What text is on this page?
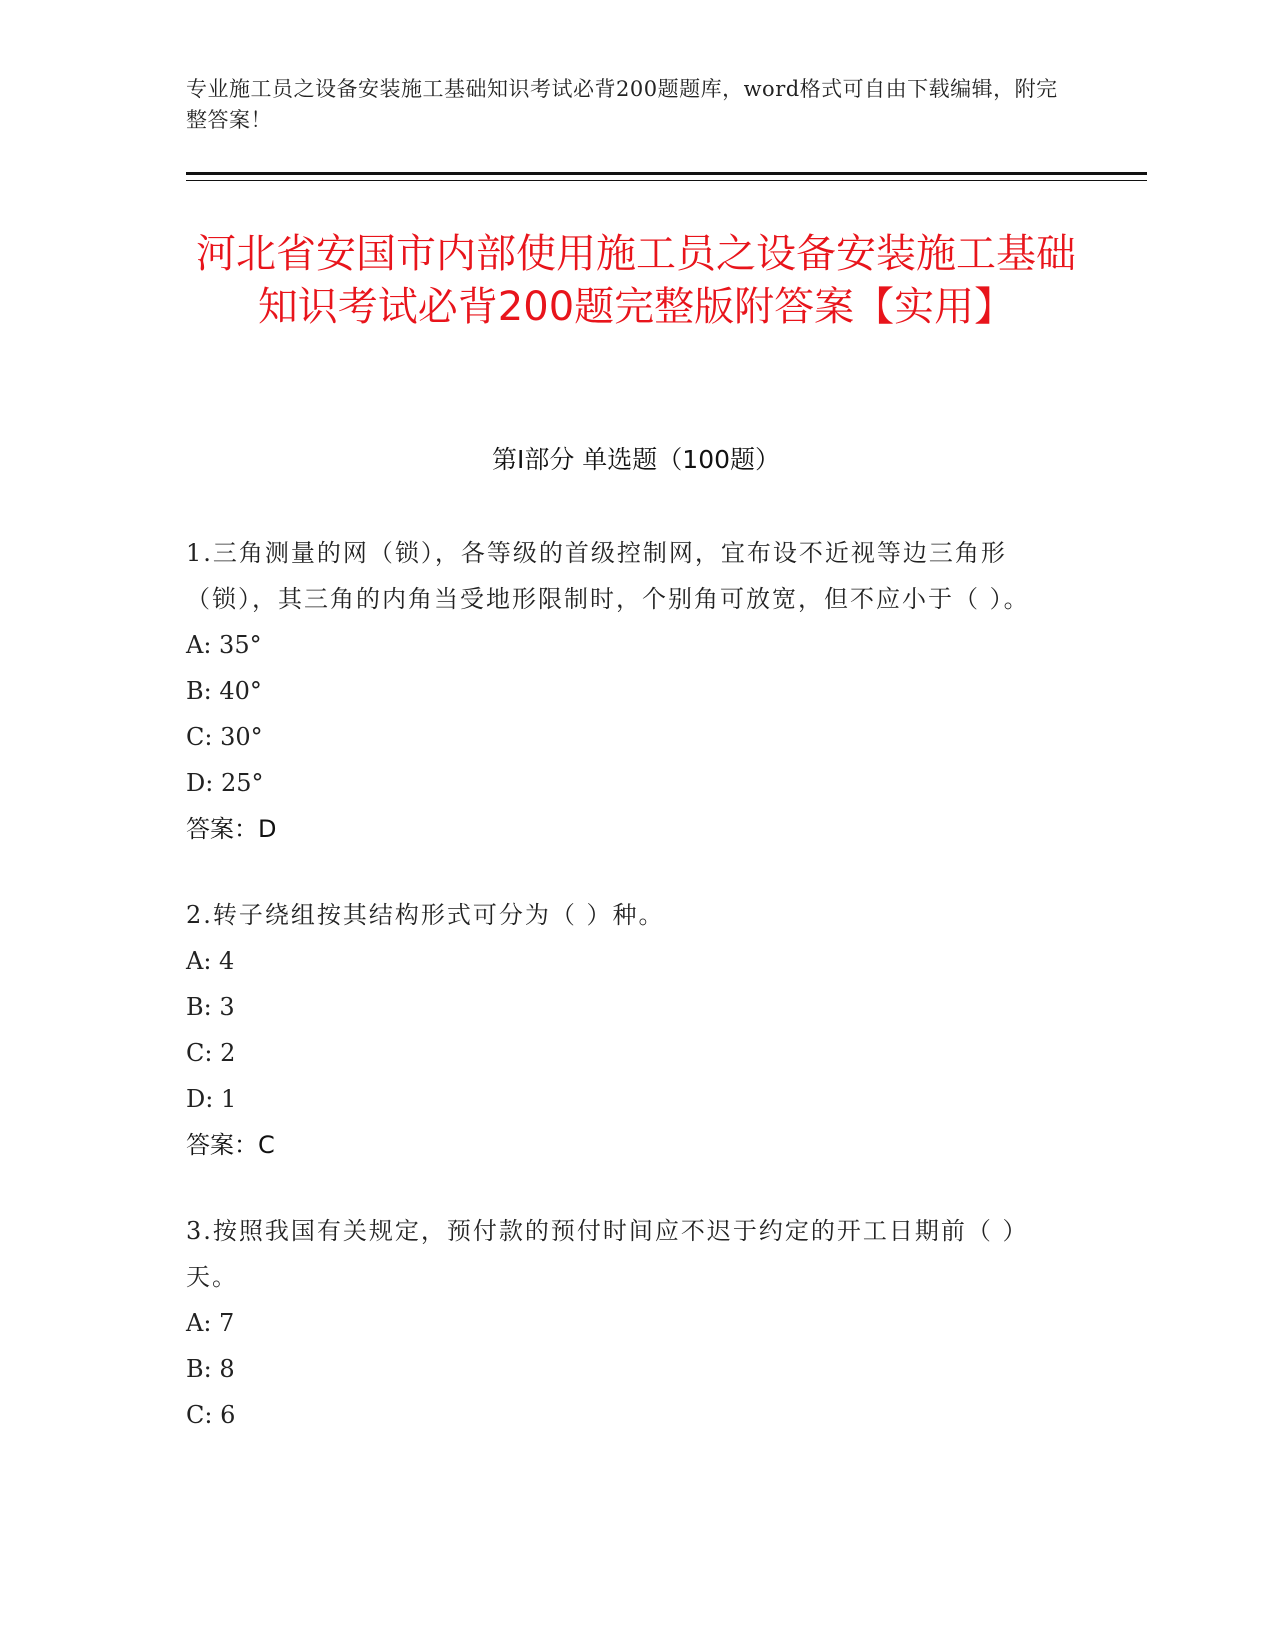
专业施工员之设备安装施工基础知识考试必背200题题库，word格式可自由下载编辑，附完整答案！
河北省安国市内部使用施工员之设备安装施工基础知识考试必背200题完整版附答案【实用】
第I部分 单选题（100题）

1.三角测量的网（锁），各等级的首级控制网，宜布设不近视等边三角形（锁），其三角的内角当受地形限制时，个别角可放宽，但不应小于（ ）。

A: 35°

B: 40°

C: 30°

D: 25°

答案：D

2.转子绕组按其结构形式可分为（ ）种。

A: 4

B: 3

C: 2

D: 1

答案：C

3.按照我国有关规定，预付款的预付时间应不迟于约定的开工日期前（ ）天。

A: 7

B: 8

C: 6
